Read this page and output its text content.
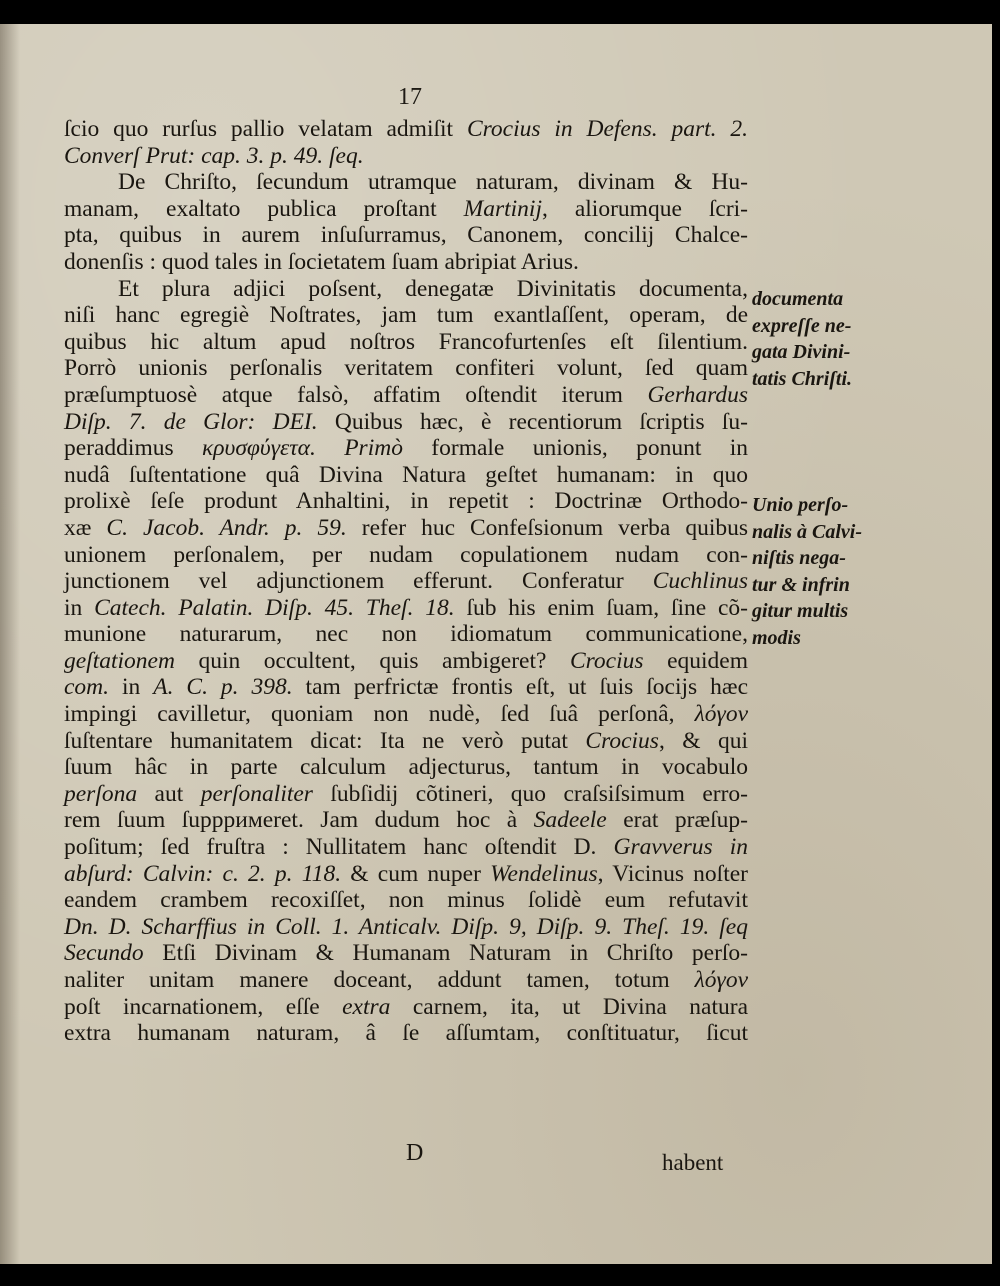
17
ſcio quo rurſus pallio velatam admiſit Crocius in Defens. part. 2.
Converſ Prut: cap. 3. p. 49. ſeq.
De Chriſto, ſecundum utramque naturam, divinam & Hu-
manam, exaltato publica proſtant Martinij, aliorumque ſcri-
pta, quibus in aurem inſuſurramus, Canonem, concilij Chalce-
donenſis : quod tales in ſocietatem ſuam abripiat Arius.
Et plura adjici poſsent, denegatæ Divinitatis documenta,
niſi hanc egregiè Noſtrates, jam tum exantlaſſent, operam, de
quibus hic altum apud noſtros Francofurtenſes eſt ſilentium.
Porrò unionis perſonalis veritatem confiteri volunt, ſed quam
præſumptuosè atque falsò, affatim oſtendit iterum Gerhardus
Diſp. 7. de Glor: DEI. Quibus hæc, è recentiorum ſcriptis ſu-
peraddimus κρυσφύγετα. Primò formale unionis, ponunt in
nudâ ſuſtentatione quâ Divina Natura geſtet humanam: in quo
prolixè ſeſe produnt Anhaltini, in repetit : Doctrinæ Orthodo-
xæ C. Jacob. Andr. p. 59. refer huc Confeſsionum verba quibus
unionem perſonalem, per nudam copulationem nudam con-
junctionem vel adjunctionem efferunt. Conferatur Cuchlinus
in Catech. Palatin. Diſp. 45. Theſ. 18. ſub his enim ſuam, ſine cõ-
munione naturarum, nec non idiomatum communicatione,
geſtationem quin occultent, quis ambigeret? Crocius equidem
com. in A. C. p. 398. tam perfrictæ frontis eſt, ut ſuis ſocijs hæc
impingi cavilletur, quoniam non nudè, ſed ſuâ perſonâ, λόγον
ſuſtentare humanitatem dicat: Ita ne verò putat Crocius, & qui
ſuum hâc in parte calculum adjecturus, tantum in vocabulo
perſona aut perſonaliter ſubſidij cõtineri, quo craſsiſsimum erro-
rem ſuum ſuppримeret. Jam dudum hoc à Sadeele erat præſup-
poſitum; ſed fruſtra : Nullitatem hanc oſtendit D. Gravverus in
abſurd: Calvin: c. 2. p. 118. & cum nuper Wendelinus, Vicinus noſter
eandem crambem recoxiſſet, non minus ſolidè eum refutavit
Dn. D. Scharffius in Coll. 1. Anticalv. Diſp. 9, Diſp. 9. Theſ. 19. ſeq
Secundo Etſi Divinam & Humanam Naturam in Chriſto perſo-
naliter unitam manere doceant, addunt tamen, totum λόγον
poſt incarnationem, eſſe extra carnem, ita, ut Divina natura
extra humanam naturam, â ſe aſſumtam, conſtituatur, ſicut
documenta
expreſſe ne-
gata Divini-
tatis Chriſti.
Unio perſo-
nalis à Calvi-
niſtis nega-
tur & infrin
gitur multis
modis
D	habent
